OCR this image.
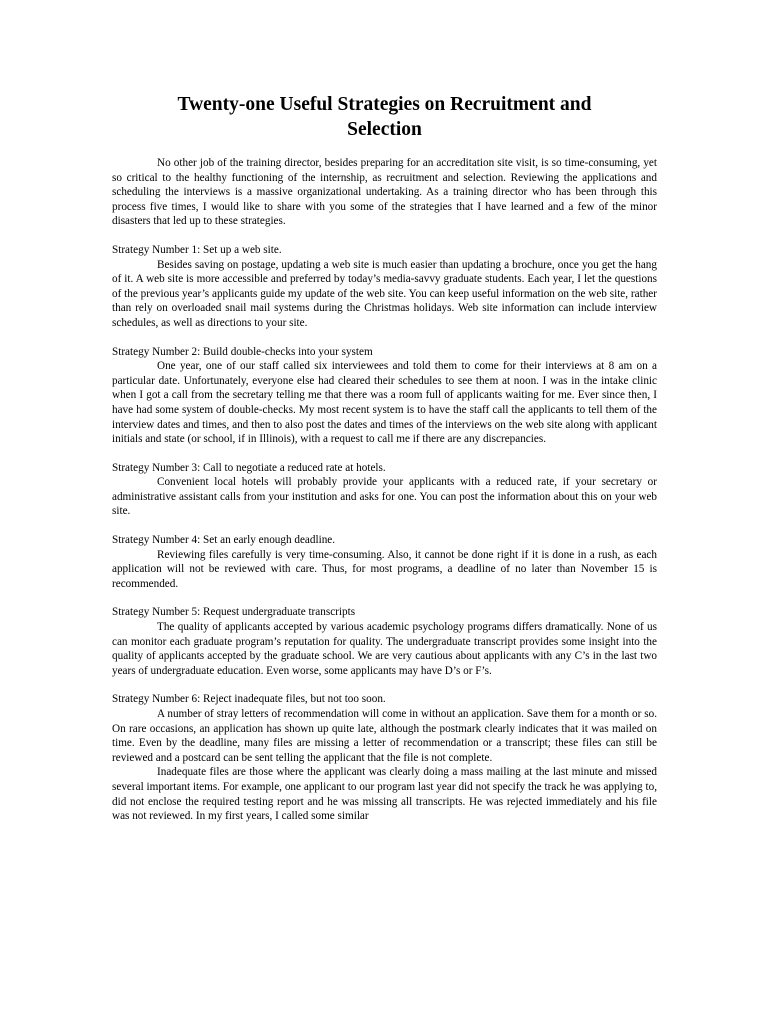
Twenty-one Useful Strategies on Recruitment and
Selection

No other job of the training director, besides preparing for an accreditation site visit, is so time-consuming, yet so critical to the healthy functioning of the internship, as recruitment and selection. Reviewing the applications and scheduling the interviews is a massive organizational undertaking. As a training director who has been through this process five times, I would like to share with you some of the strategies that I have learned and a few of the minor disasters that led up to these strategies.

Strategy Number 1: Set up a web site.

Besides saving on postage, updating a web site is much easier than updating a brochure, once you get the hang of it. A web site is more accessible and preferred by today’s media-savvy graduate students. Each year, I let the questions of the previous year’s applicants guide my update of the web site. You can keep useful information on the web site, rather than rely on overloaded snail mail systems during the Christmas holidays. Web site information can include interview schedules, as well as directions to your site.

Strategy Number 2: Build double-checks into your system

One year, one of our staff called six interviewees and told them to come for their interviews at 8 am on a particular date. Unfortunately, everyone else had cleared their schedules to see them at noon. I was in the intake clinic when I got a call from the secretary telling me that there was a room full of applicants waiting for me. Ever since then, I have had some system of double-checks. My most recent system is to have the staff call the applicants to tell them of the interview dates and times, and then to also post the dates and times of the interviews on the web site along with applicant initials and state (or school, if in Illinois), with a request to call me if there are any discrepancies.

Strategy Number 3: Call to negotiate a reduced rate at hotels.

Convenient local hotels will probably provide your applicants with a reduced rate, if your secretary or administrative assistant calls from your institution and asks for one. You can post the information about this on your web site.

Strategy Number 4: Set an early enough deadline.

Reviewing files carefully is very time-consuming. Also, it cannot be done right if it is done in a rush, as each application will not be reviewed with care. Thus, for most programs, a deadline of no later than November 15 is recommended.

Strategy Number 5: Request undergraduate transcripts

The quality of applicants accepted by various academic psychology programs differs dramatically. None of us can monitor each graduate program’s reputation for quality. The undergraduate transcript provides some insight into the quality of applicants accepted by the graduate school. We are very cautious about applicants with any C’s in the last two years of undergraduate education. Even worse, some applicants may have D’s or F’s.

Strategy Number 6: Reject inadequate files, but not too soon.

A number of stray letters of recommendation will come in without an application. Save them for a month or so. On rare occasions, an application has shown up quite late, although the postmark clearly indicates that it was mailed on time. Even by the deadline, many files are missing a letter of recommendation or a transcript; these files can still be reviewed and a postcard can be sent telling the applicant that the file is not complete.

Inadequate files are those where the applicant was clearly doing a mass mailing at the last minute and missed several important items. For example, one applicant to our program last year did not specify the track he was applying to, did not enclose the required testing report and he was missing all transcripts. He was rejected immediately and his file was not reviewed. In my first years, I called some similar
